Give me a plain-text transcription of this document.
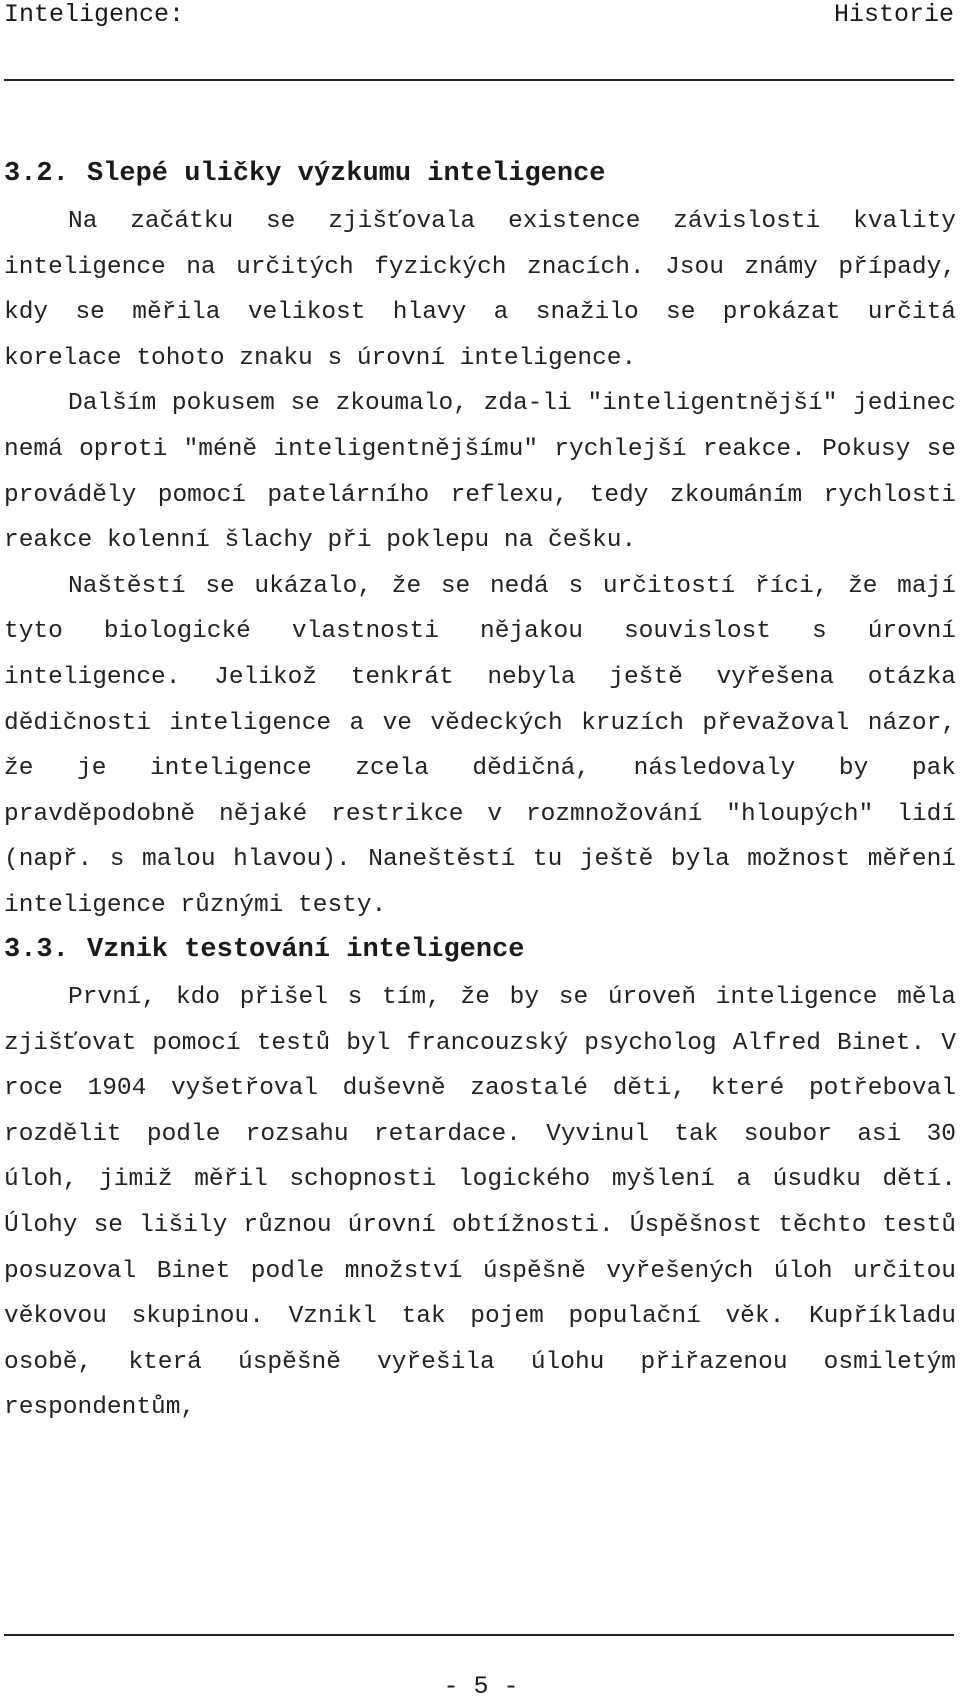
Inteligence:	Historie
3.2. Slepé uličky výzkumu inteligence

Na začátku se zjišťovala existence závislosti kvality inteligence na určitých fyzických znacích. Jsou známy případy, kdy se měřila velikost hlavy a snažilo se prokázat určitá korelace tohoto znaku s úrovní inteligence.

Dalším pokusem se zkoumalo, zda-li "inteligentnější" jedinec nemá oproti "méně inteligentnějšímu" rychlejší reakce. Pokusy se prováděly pomocí patelárního reflexu, tedy zkoumáním rychlosti reakce kolenní šlachy při poklepu na češku.

Naštěstí se ukázalo, že se nedá s určitostí říci, že mají tyto biologické vlastnosti nějakou souvislost s úrovní inteligence. Jelikož tenkrát nebyla ještě vyřešena otázka dědičnosti inteligence a ve vědeckých kruzích převažoval názor, že je inteligence zcela dědičná, následovaly by pak pravděpodobně nějaké restrikce v rozmnožování "hloupých" lidí (např. s malou hlavou). Naneštěstí tu ještě byla možnost měření inteligence různými testy.

3.3. Vznik testování inteligence

První, kdo přišel s tím, že by se úroveň inteligence měla zjišťovat pomocí testů byl francouzský psycholog Alfred Binet. V roce 1904 vyšetřoval duševně zaostalé děti, které potřeboval rozdělit podle rozsahu retardace. Vyvinul tak soubor asi 30 úloh, jimiž měřil schopnosti logického myšlení a úsudku dětí. Úlohy se lišily různou úrovní obtížnosti. Úspěšnost těchto testů posuzoval Binet podle množství úspěšně vyřešených úloh určitou věkovou skupinou. Vznikl tak pojem populační věk. Kupříkladu osobě, která úspěšně vyřešila úlohu přiřazenou osmiletým respondentům,

- 5 -
